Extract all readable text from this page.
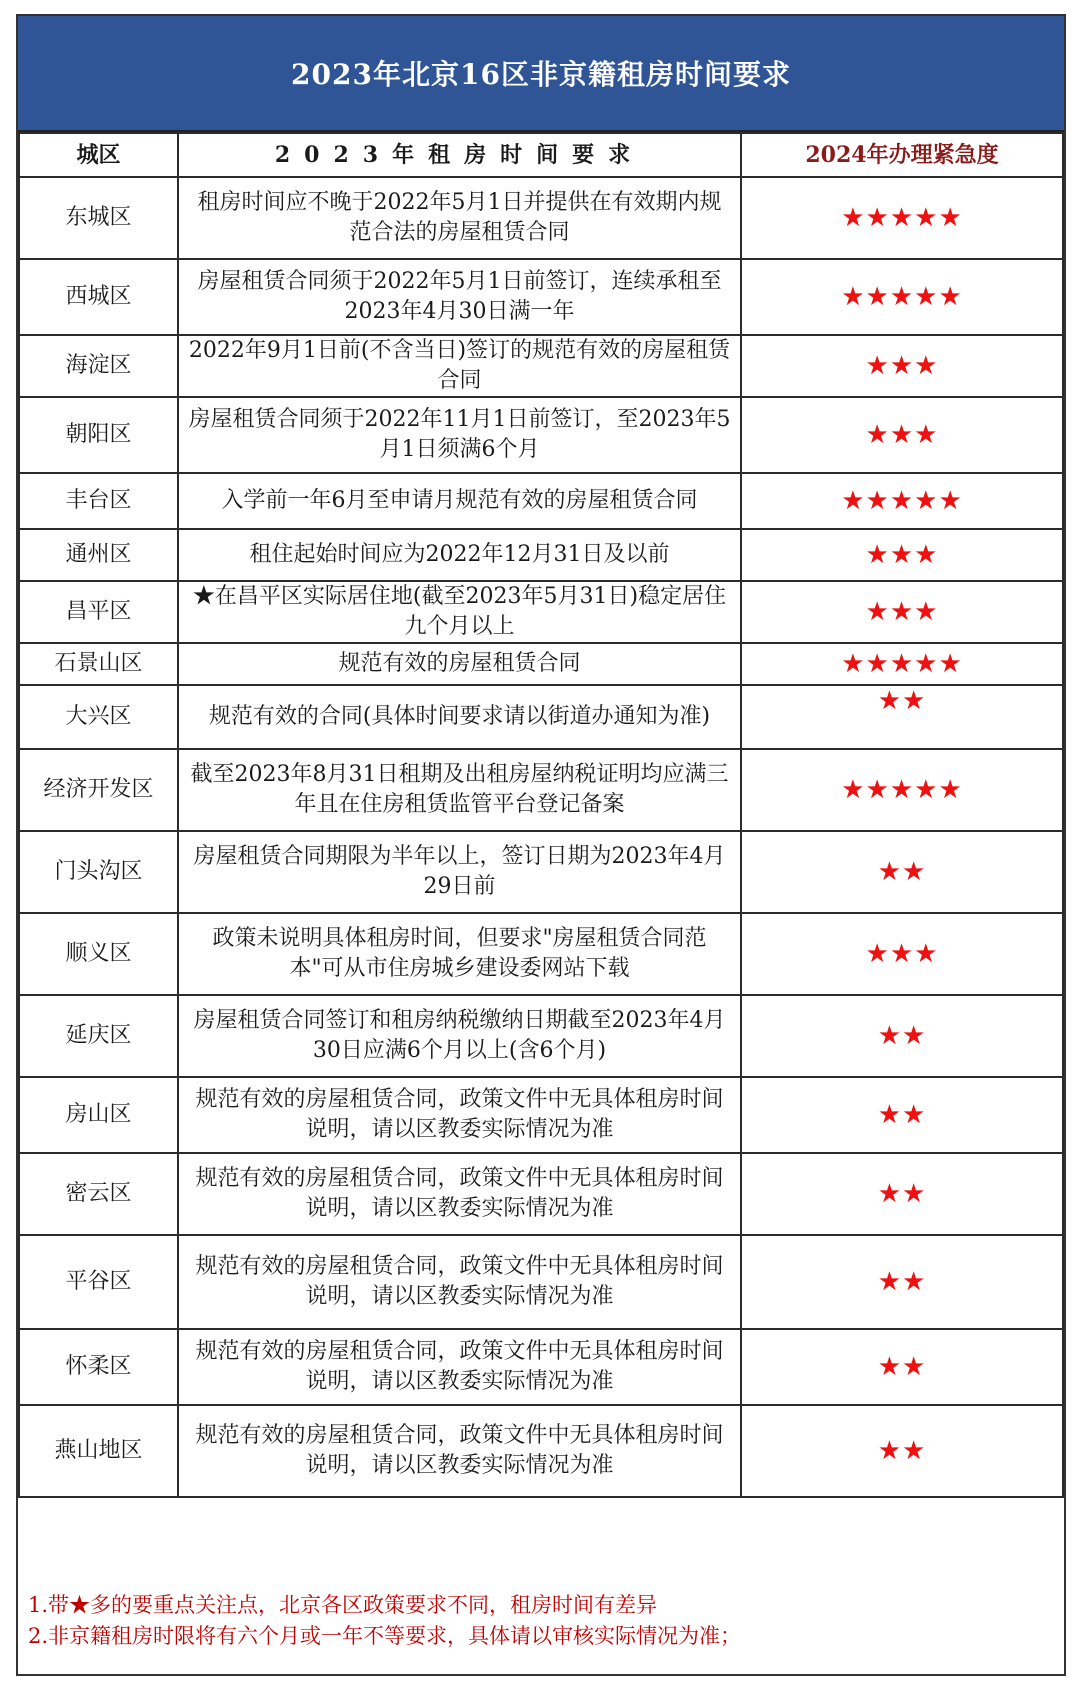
2023年北京16区非京籍租房时间要求
城区	2023年租房时间要求	2024年办理紧急度
东城区	租房时间应不晚于2022年5月1日并提供在有效期内规范合法的房屋租赁合同	★★★★★
西城区	房屋租赁合同须于2022年5月1日前签订，连续承租至2023年4月30日满一年	★★★★★
海淀区	2022年9月1日前(不含当日)签订的规范有效的房屋租赁合同	★★★
朝阳区	房屋租赁合同须于2022年11月1日前签订，至2023年5月1日须满6个月	★★★
丰台区	入学前一年6月至申请月规范有效的房屋租赁合同	★★★★★
通州区	租住起始时间应为2022年12月31日及以前	★★★
昌平区	★在昌平区实际居住地(截至2023年5月31日)稳定居住九个月以上	★★★
石景山区	规范有效的房屋租赁合同	★★★★★
大兴区	规范有效的合同(具体时间要求请以街道办通知为准)	★★
经济开发区	截至2023年8月31日租期及出租房屋纳税证明均应满三年且在住房租赁监管平台登记备案	★★★★★
门头沟区	房屋租赁合同期限为半年以上，签订日期为2023年4月29日前	★★
顺义区	政策未说明具体租房时间，但要求"房屋租赁合同范本"可从市住房城乡建设委网站下载	★★★
延庆区	房屋租赁合同签订和租房纳税缴纳日期截至2023年4月30日应满6个月以上(含6个月)	★★
房山区	规范有效的房屋租赁合同，政策文件中无具体租房时间说明，请以区教委实际情况为准	★★
密云区	规范有效的房屋租赁合同，政策文件中无具体租房时间说明，请以区教委实际情况为准	★★
平谷区	规范有效的房屋租赁合同，政策文件中无具体租房时间说明，请以区教委实际情况为准	★★
怀柔区	规范有效的房屋租赁合同，政策文件中无具体租房时间说明，请以区教委实际情况为准	★★
燕山地区	规范有效的房屋租赁合同，政策文件中无具体租房时间说明，请以区教委实际情况为准	★★
1.带★多的要重点关注点，北京各区政策要求不同，租房时间有差异
2.非京籍租房时限将有六个月或一年不等要求，具体请以审核实际情况为准；
